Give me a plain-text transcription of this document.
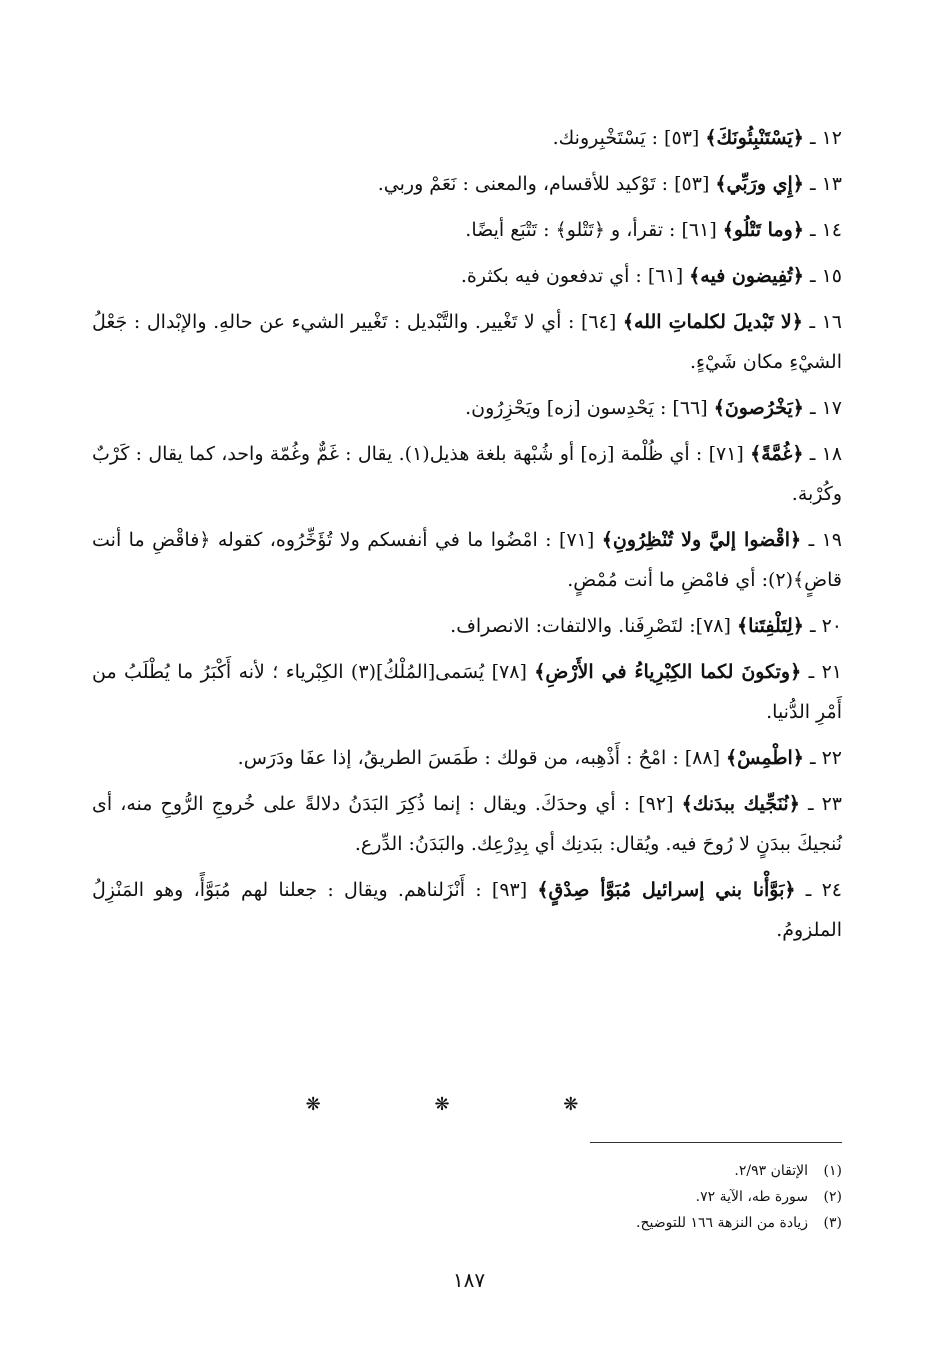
١٢ ـ ﴿يَسْتَنْبِئُونَكَ﴾ [٥٣] : يَسْتَخْبِرونك.

١٣ ـ ﴿إِي ورَبِّي﴾ [٥٣] : تَوْكيد للأقسام، والمعنى : نَعَمْ وربي.

١٤ ـ ﴿وما تَتْلُو﴾ [٦١] : تقرأ، و ﴿تَتْلو﴾ : تَتْبَع أيضًا.

١٥ ـ ﴿تُفِيضون فيه﴾ [٦١] : أي تدفعون فيه بكثرة.

١٦ ـ ﴿لا تَبْديلَ لكلماتِ الله﴾ [٦٤] : أي لا تَغْيير. والتَّبْديل : تَغْيير الشيء عن حالهِ. والإبْدال : جَعْلُ الشيْءِ مكان شَيْءٍ.

١٧ ـ ﴿يَخْرُصونَ﴾ [٦٦] : يَحْدِسون [زه] ويَحْزِرُون.

١٨ ـ ﴿غُمَّةً﴾ [٧١] : أي ظُلْمة [زه] أو شُبْهة بلغة هذيل(١). يقال : غَمٌّ وغُمّة واحد، كما يقال : كَرْبٌ وكُرْبة.

١٩ ـ ﴿اقْضوا إليَّ ولا تُنْظِرُونِ﴾ [٧١] : امْضُوا ما في أنفسكم ولا تُؤَخِّرُوه، كقوله ﴿فاقْضِ ما أنت قاضٍ﴾(٢): أي فامْضِ ما أنت مُمْضٍ.

٢٠ ـ ﴿لِتَلْفِتَنا﴾ [٧٨]: لتَصْرِفَنا. والالتفات: الانصراف.

٢١ ـ ﴿وتكونَ لكما الكِبْرِياءُ في الأَرْضِ﴾ [٧٨] يُسَمى[المُلْكُ](٣) الكِبْرياء ؛ لأنه أَكْبَرُ ما يُطْلَبُ من أَمْرِ الدُّنيا.

٢٢ ـ ﴿اطْمِسْ﴾ [٨٨] : امْحُ : أَذْهِبه، من قولك : طَمَسَ الطريقُ، إذا عفَا ودَرَس.

٢٣ ـ ﴿نُنَجِّيك ببدَنك﴾ [٩٢] : أي وحدَكَ. ويقال : إنما ذُكِرَ البَدَنُ دلالةً على خُروجِ الرُّوحِ منه، أى نُنجيكَ ببدَنٍ لا رُوحَ فيه. ويُقال: ببَدنِك أي بِدِرْعِك. والبَدَنُ: الدِّرع.

٢٤ ـ ﴿بَوَّأْنا بني إسرائيل مُبَوَّأ صِدْقٍ﴾ [٩٣] : أَنْزَلناهم. ويقال : جعلنا لهم مُبَوَّأً، وهو المَنْزِلُ الملزومُ.

❋ ❋ ❋
(١)الإتقان ٢/٩٣.
(٢)سورة طه، الآية ٧٢.
(٣)زيادة من النزهة ١٦٦ للتوضيح.
١٨٧
